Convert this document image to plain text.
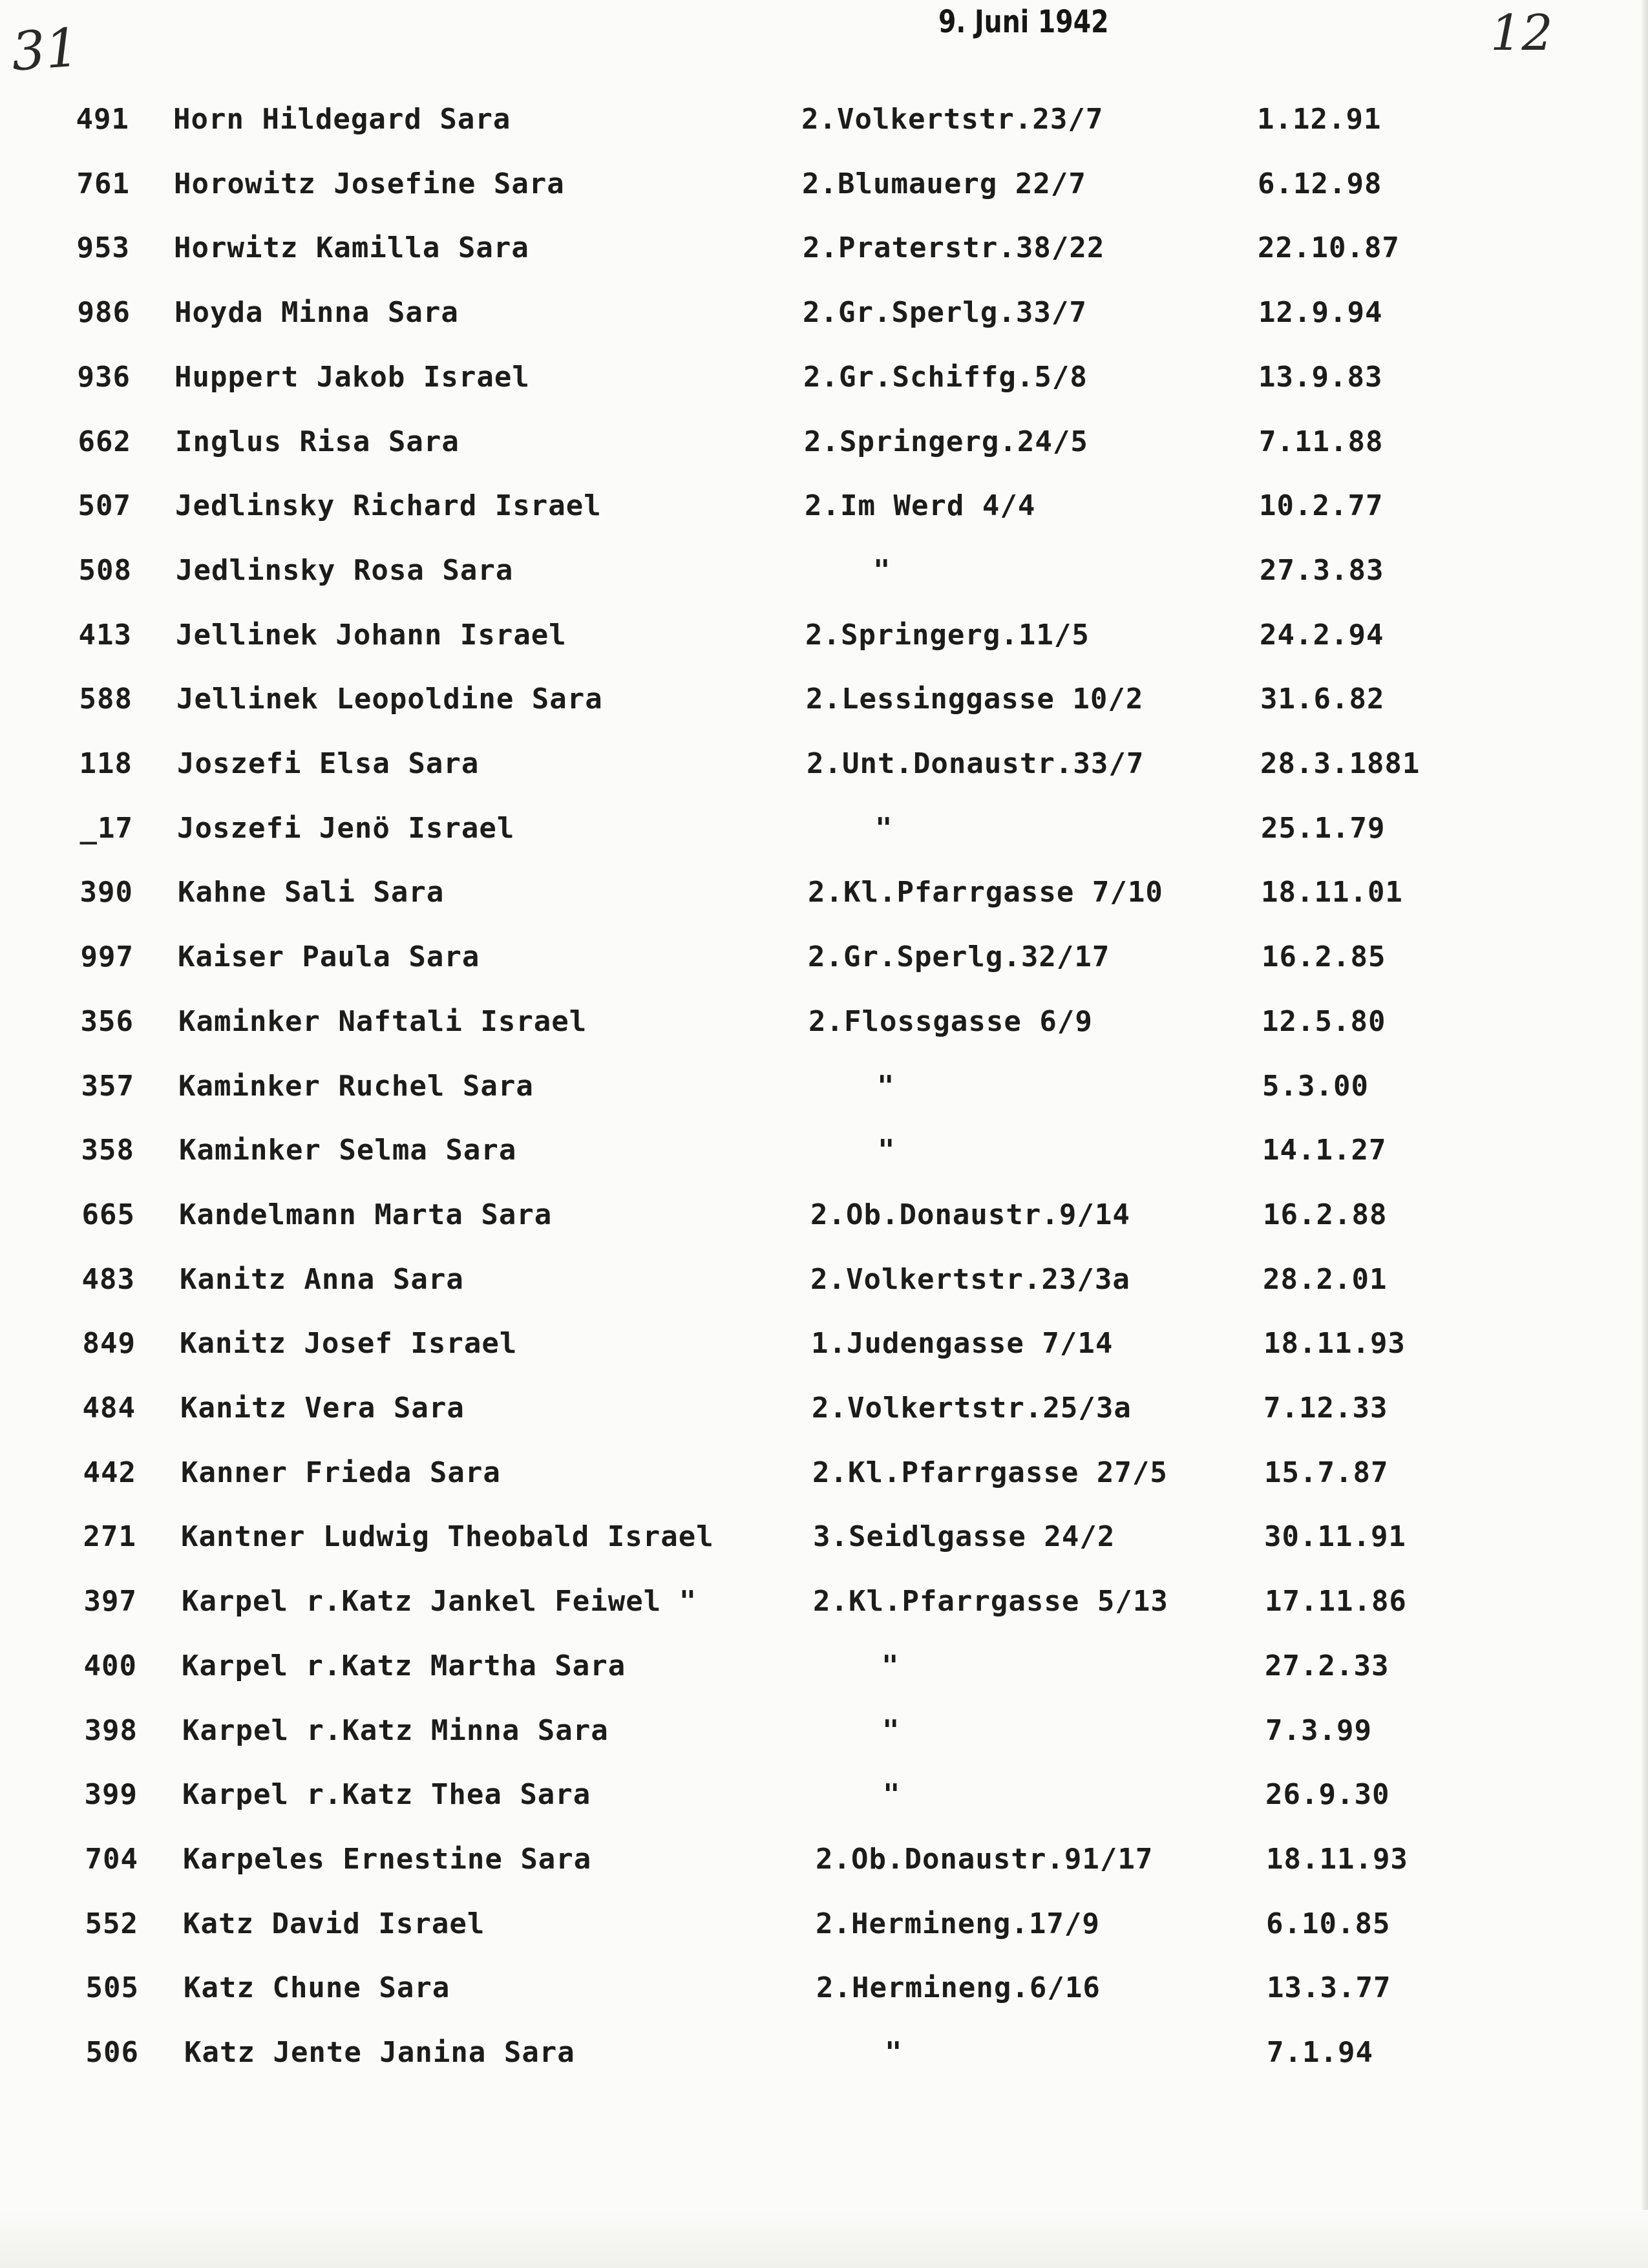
9. Juni 1942
31	12
491 Horn Hildegard Sara	2.Volkertstr.23/7	1.12.91
761 Horowitz Josefine Sara	2.Blumauerg 22/7	6.12.98
953 Horwitz Kamilla Sara	2.Praterstr.38/22	22.10.87
986 Hoyda Minna Sara	2.Gr.Sperlg.33/7	12.9.94
936 Huppert Jakob Israel	2.Gr.Schiffg.5/8	13.9.83
662 Inglus Risa Sara	2.Springerg.24/5	7.11.88
507 Jedlinsky Richard Israel	2.Im Werd 4/4	10.2.77
508 Jedlinsky Rosa Sara	"	27.3.83
413 Jellinek Johann Israel	2.Springerg.11/5	24.2.94
588 Jellinek Leopoldine Sara	2.Lessinggasse 10/2	31.6.82
118 Joszefi Elsa Sara	2.Unt.Donaustr.33/7	28.3.1881
_17 Joszefi Jenö Israel	"	25.1.79
390 Kahne Sali Sara	2.Kl.Pfarrgasse 7/10	18.11.01
997 Kaiser Paula Sara	2.Gr.Sperlg.32/17	16.2.85
356 Kaminker Naftali Israel	2.Flossgasse 6/9	12.5.80
357 Kaminker Ruchel Sara	"	5.3.00
358 Kaminker Selma Sara	"	14.1.27
665 Kandelmann Marta Sara	2.Ob.Donaustr.9/14	16.2.88
483 Kanitz Anna Sara	2.Volkertstr.23/3a	28.2.01
849 Kanitz Josef Israel	1.Judengasse 7/14	18.11.93
484 Kanitz Vera Sara	2.Volkertstr.25/3a	7.12.33
442 Kanner Frieda Sara	2.Kl.Pfarrgasse 27/5	15.7.87
271 Kantner Ludwig Theobald Israel	3.Seidlgasse 24/2	30.11.91
397 Karpel r.Katz Jankel Feiwel "	2.Kl.Pfarrgasse 5/13	17.11.86
400 Karpel r.Katz Martha Sara	"	27.2.33
398 Karpel r.Katz Minna Sara	"	7.3.99
399 Karpel r.Katz Thea Sara	"	26.9.30
704 Karpeles Ernestine Sara	2.Ob.Donaustr.91/17	18.11.93
552 Katz David Israel	2.Hermineng.17/9	6.10.85
505 Katz Chune Sara	2.Hermineng.6/16	13.3.77
506 Katz Jente Janina Sara	"	7.1.94
